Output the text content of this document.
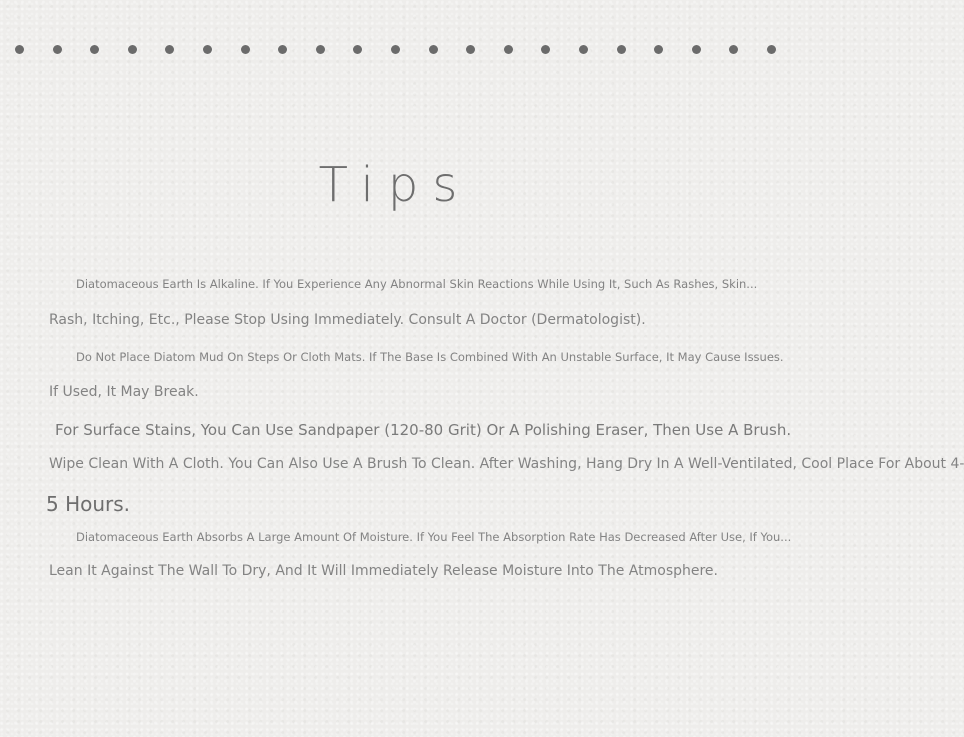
Tips

Diatomaceous Earth Is Alkaline. If You Experience Any Abnormal Skin Reactions While Using It, Such As Rashes, Skin...

Rash, Itching, Etc., Please Stop Using Immediately. Consult A Doctor (Dermatologist).

Do Not Place Diatom Mud On Steps Or Cloth Mats. If The Base Is Combined With An Unstable Surface, It May Cause Issues.

If Used, It May Break.

For Surface Stains, You Can Use Sandpaper (120-80 Grit) Or A Polishing Eraser, Then Use A Brush.

Wipe Clean With A Cloth. You Can Also Use A Brush To Clean. After Washing, Hang Dry In A Well-Ventilated, Cool Place For About 4-

5 Hours.

Diatomaceous Earth Absorbs A Large Amount Of Moisture. If You Feel The Absorption Rate Has Decreased After Use, If You...

Lean It Against The Wall To Dry, And It Will Immediately Release Moisture Into The Atmosphere.
